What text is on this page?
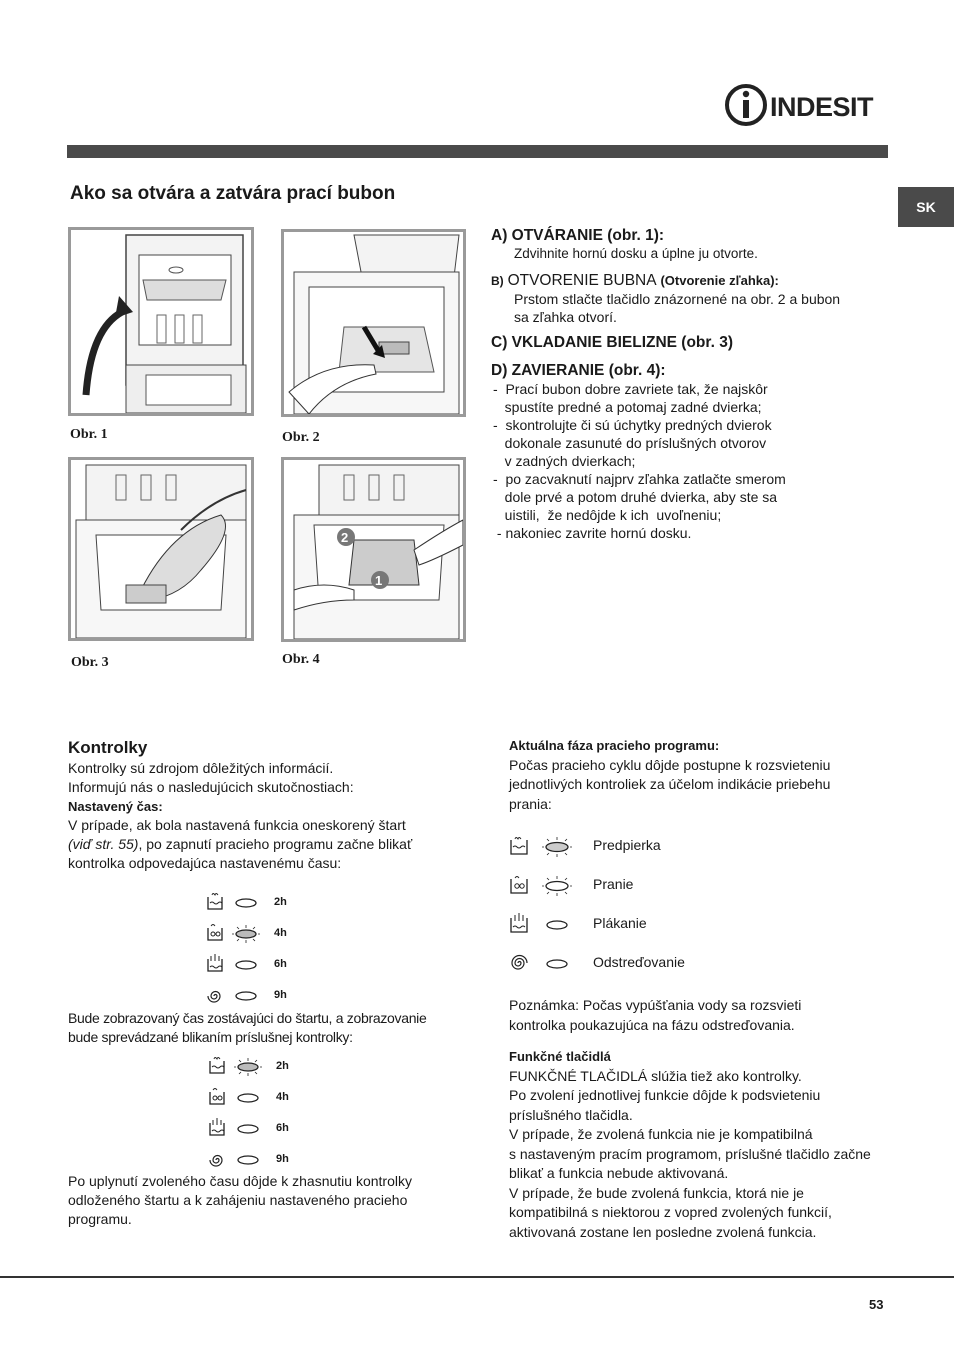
INDESIT
SK
Ako sa otvára a zatvára prací bubon
Obr. 1	Obr. 2
Obr. 3
2
1
Obr. 4

A) OTVÁRANIE (obr. 1):

Zdvihnite hornú dosku a úplne ju otvorte.

B) OTVORENIE BUBNA (Otvorenie zľahka):

Prstom stlačte tlačidlo znázornené na obr. 2 a bubon

sa zľahka otvorí.

C) VKLADANIE BIELIZNE (obr. 3)

D) ZAVIERANIE (obr. 4):

-  Prací bubon dobre zavriete tak, že najskôr
spustíte predné a potomaj zadné dvierka;
-  skontrolujte či sú úchytky predných dvierok
dokonale zasunuté do príslušných otvorov
v zadných dvierkach;
-  po zacvaknutí najprv zľahka zatlačte smerom
dole prvé a potom druhé dvierka, aby ste sa
uistili,  že nedôjde k ich  uvoľneniu;
- nakoniec zavrite hornú dosku.
Kontrolky

Kontrolky sú zdrojom dôležitých informácií.

Informujú nás o nasledujúcich skutočnostiach:

Nastavený čas:

V prípade, ak bola nastavená funkcia oneskorený štart

(viď str. 55), po zapnutí pracieho programu začne blikať

kontrolka odpovedajúca nastavenému času:

2h
4h
6h
9h

Bude zobrazovaný čas zostávajúci do štartu, a zobrazovanie

bude sprevádzané blikaním príslušnej kontrolky:

2h
4h
6h
9h

Po uplynutí zvoleného času dôjde k zhasnutiu kontrolky

odloženého štartu a k zahájeniu nastaveného pracieho

programu.

Aktuálna fáza pracieho programu:

Počas pracieho cyklu dôjde postupne k rozsvieteniu

jednotlivých kontroliek za účelom indikácie priebehu

prania:

Predpierka
Pranie
Plákanie
Odstreďovanie

Poznámka: Počas vypúšťania vody sa rozsvieti

kontrolka poukazujúca na fázu odstreďovania.

Funkčné tlačidlá

FUNKČNÉ TLAČIDLÁ slúžia tiež ako kontrolky.

Po zvolení jednotlivej funkcie dôjde k podsvieteniu

príslušného tlačidla.

V prípade, že zvolená funkcia nie je kompatibilná

s nastaveným pracím programom, príslušné tlačidlo začne

blikať a funkcia nebude aktivovaná.

V prípade, že bude zvolená funkcia, ktorá nie je

kompatibilná s niektorou z vopred zvolených funkcií,

aktivovaná zostane len posledne zvolená funkcia.

53
